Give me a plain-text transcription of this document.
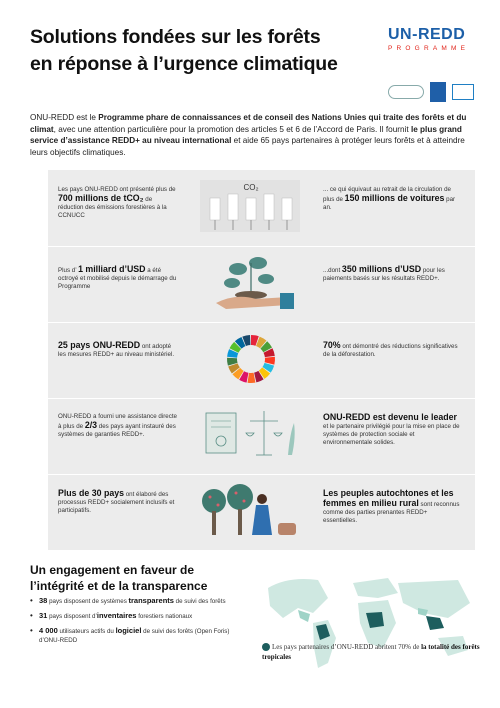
Solutions fondées sur les forêts
en réponse à l’urgence climatique
UN-REDD
PROGRAMME

ONU-REDD est le Programme phare de connaissances et de conseil des Nations Unies qui traite des forêts et du climat, avec une attention particulière pour la promotion des articles 5 et 6 de l’Accord de Paris. Il fournit le plus grand service d’assistance REDD+ au niveau international et aide 65 pays partenaires à protéger leurs forêts et à atteindre leurs objectifs climatiques.

Les pays ONU-REDD ont présenté plus de 700 millions de tCO₂ de réduction des émissions forestières à la CCNUCC
CO₂	... ce qui équivaut au retrait de la circulation de plus de 150 millions de voitures par an.
Plus d’ 1 milliard d’USD a été octroyé et mobilisé depuis le démarrage du Programme
...dont 350 millions d’USD pour les paiements basés sur les résultats REDD+.
25 pays ONU-REDD ont adopté les mesures REDD+ au niveau ministériel.
70% ont démontré des réductions significatives de la déforestation.
ONU-REDD a fourni une assistance directe à plus de 2/3 des pays ayant instauré des systèmes de garanties REDD+.
ONU-REDD est devenu le leader et le partenaire privilégié pour la mise en place de systèmes de protection sociale et environnementale solides.
Plus de 30 pays ont élaboré des processus REDD+ socialement inclusifs et participatifs.
Les peuples autochtones et les femmes en milieu rural sont reconnus comme des parties prenantes REDD+ essentielles.
Un engagement en faveur de
l’intégrité et de la transparence
• 38 pays disposent de systèmes transparents de suivi des forêts
• 31 pays disposent d’inventaires forestiers nationaux
• 4 000 utilisateurs actifs du logiciel de suivi des forêts (Open Foris) d’ONU-REDD
Les pays partenaires d’ONU-REDD abritent 70% de la totalité des forêts tropicales
